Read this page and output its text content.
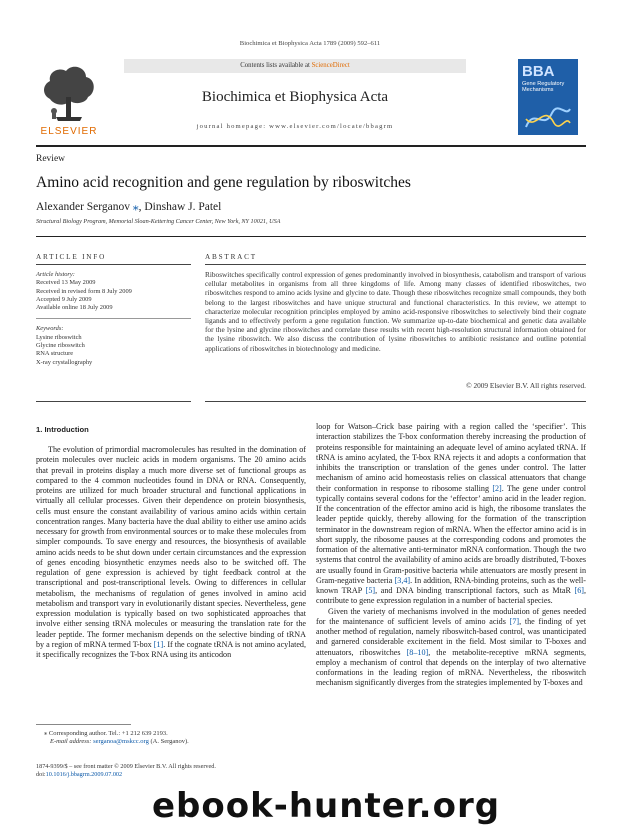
Biochimica et Biophysica Acta 1789 (2009) 592–611
ELSEVIER
Contents lists available at ScienceDirect
Biochimica et Biophysica Acta
journal homepage: www.elsevier.com/locate/bbagrm
BBA
Gene Regulatory Mechanisms
Review
Amino acid recognition and gene regulation by riboswitches
Alexander Serganov ⁎, Dinshaw J. Patel
Structural Biology Program, Memorial Sloan-Kettering Cancer Center, New York, NY 10021, USA
ARTICLE INFO	ABSTRACT
Article history:
Received 13 May 2009
Received in revised form 8 July 2009
Accepted 9 July 2009
Available online 18 July 2009
Keywords:
Lysine riboswitch
Glycine riboswitch
RNA structure
X-ray crystallography
Riboswitches specifically control expression of genes predominantly involved in biosynthesis, catabolism and transport of various cellular metabolites in organisms from all three kingdoms of life. Among many classes of identified riboswitches, two riboswitches respond to amino acids lysine and glycine to date. Though these riboswitches recognize small compounds, they both belong to the largest riboswitches and have unique structural and functional characteristics. In this review, we attempt to characterize molecular recognition principles employed by amino acid-responsive riboswitches to selectively bind their cognate ligands and to effectively perform a gene regulation function. We summarize up-to-date biochemical and genetic data available for the lysine and glycine riboswitches and correlate these results with recent high-resolution structural information obtained for the lysine riboswitch. We also discuss the contribution of lysine riboswitches to antibiotic resistance and outline potential applications of riboswitches in biotechnology and medicine.
© 2009 Elsevier B.V. All rights reserved.
1. Introduction

The evolution of primordial macromolecules has resulted in the domination of protein molecules over nucleic acids in modern organisms. The 20 amino acids that prevail in proteins display a much more diverse set of functional groups as compared to the 4 common nucleotides found in DNA or RNA. Consequently, proteins are utilized for much broader structural and functional applications in virtually all cellular processes. Given their dependence on protein biosynthesis, cells must ensure the constant availability of various amino acids within certain concentration ranges. Many bacteria have the dual ability to either use amino acids necessary for growth from environmental sources or to make these molecules from simpler compounds. To save energy and resources, the biosynthesis of available amino acids needs to be shut down under certain circumstances and the expression of genes encoding biosynthetic enzymes needs also to be switched off. The regulation of gene expression is achieved by tight feedback control at the transcriptional and post-transcriptional levels. Owing to differences in cellular metabolism, the mechanisms of regulation of genes involved in amino acid metabolism and transport vary in evolutionarily distant species. Nevertheless, gene expression modulation is typically based on two sophisticated approaches that involve either sensing tRNA molecules or measuring the translation rate for the leader peptide. The former mechanism depends on the selective binding of tRNA by a region of mRNA termed T-box [1]. If the cognate tRNA is not amino acylated, it specifically recognizes the T-box RNA using its anticodon

loop for Watson–Crick base pairing with a region called the ‘specifier’. This interaction stabilizes the T-box conformation thereby increasing the production of proteins responsible for maintaining an adequate level of amino acylated tRNA. If tRNA is amino acylated, the T-box RNA rejects it and adopts a conformation that inhibits the transcription or translation of the genes under control. The latter mechanism of amino acid homeostasis relies on classical attenuators that change their conformation in response to ribosome stalling [2]. The gene under control typically contains several codons for the ‘effector’ amino acid in the leader region. If the concentration of the effector amino acid is high, the ribosome translates the leader peptide quickly, thereby allowing for the formation of the transcription terminator in the downstream region of mRNA. When the effector amino acid is in short supply, the ribosome pauses at the corresponding codons and promotes the formation of the alternative anti-terminator mRNA conformation. Though the two systems that control the availability of amino acids are broadly distributed, T-boxes are usually found in Gram-positive bacteria while attenuators are mostly present in Gram-negative bacteria [3,4]. In addition, RNA-binding proteins, such as the well-known TRAP [5], and DNA binding transcriptional factors, such as MtaR [6], contribute to gene expression regulation in a number of bacterial species.

Given the variety of mechanisms involved in the modulation of genes needed for the maintenance of sufficient levels of amino acids [7], the finding of yet another method of regulation, namely riboswitch-based control, was unanticipated and garnered considerable excitement in the field. Most similar to T-boxes and attenuators, riboswitches [8–10], the metabolite-receptive mRNA segments, employ a mechanism of control that depends on the interplay of two alternative conformations in the leading region of mRNA. Nevertheless, the riboswitch mechanism significantly diverges from the strategies implemented by T-boxes and

⁎ Corresponding author. Tel.: +1 212 639 2193.
E-mail address: serganoa@mskcc.org (A. Serganov).
1874-9399/$ – see front matter © 2009 Elsevier B.V. All rights reserved.
doi:10.1016/j.bbagrm.2009.07.002
ebook-hunter.org
